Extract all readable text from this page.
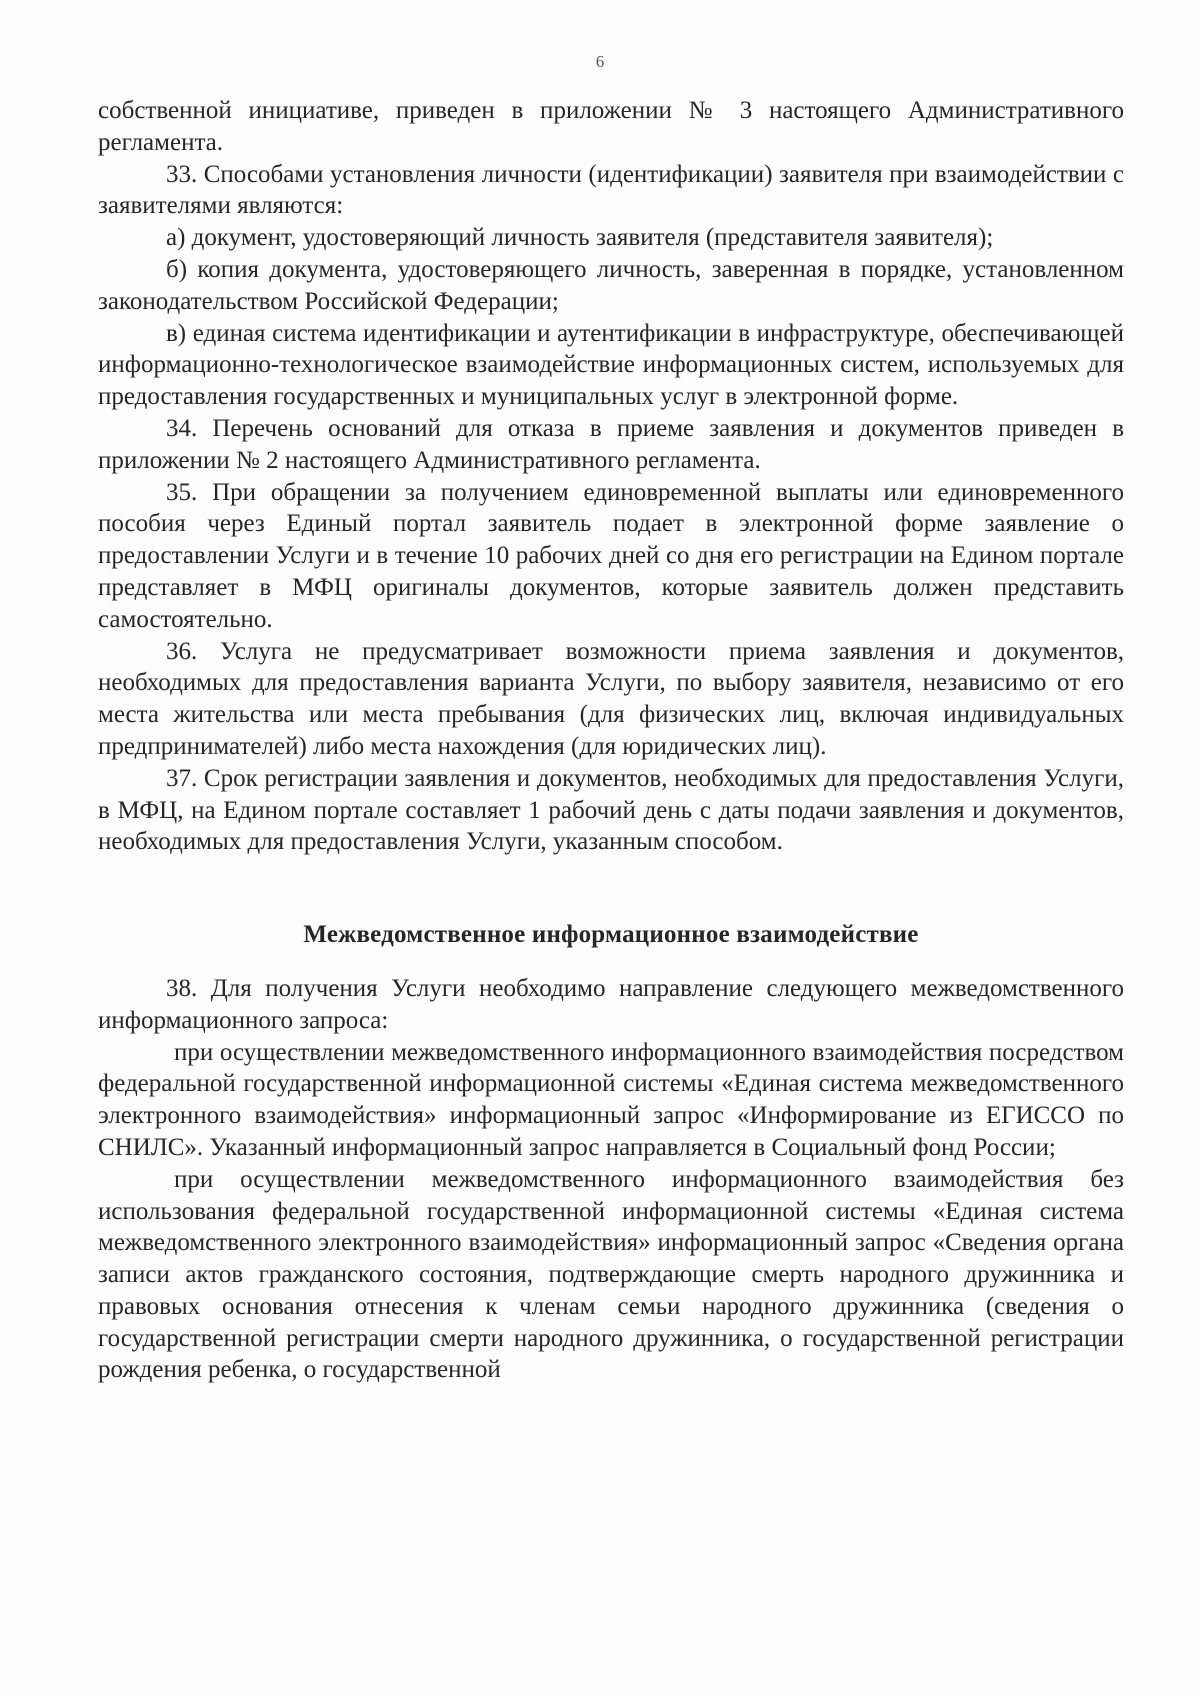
6

собственной инициативе, приведен в приложении № 3 настоящего Административного регламента.

33. Способами установления личности (идентификации) заявителя при взаимодействии с заявителями являются:

а) документ, удостоверяющий личность заявителя (представителя заявителя);

б) копия документа, удостоверяющего личность, заверенная в порядке, установленном законодательством Российской Федерации;

в) единая система идентификации и аутентификации в инфраструктуре, обеспечивающей информационно-технологическое взаимодействие информационных систем, используемых для предоставления государственных и муниципальных услуг в электронной форме.

34. Перечень оснований для отказа в приеме заявления и документов приведен в приложении № 2 настоящего Административного регламента.

35. При обращении за получением единовременной выплаты или единовременного пособия через Единый портал заявитель подает в электронной форме заявление о предоставлении Услуги и в течение 10 рабочих дней со дня его регистрации на Едином портале представляет в МФЦ оригиналы документов, которые заявитель должен представить самостоятельно.

36. Услуга не предусматривает возможности приема заявления и документов, необходимых для предоставления варианта Услуги, по выбору заявителя, независимо от его места жительства или места пребывания (для физических лиц, включая индивидуальных предпринимателей) либо места нахождения (для юридических лиц).

37. Срок регистрации заявления и документов, необходимых для предоставления Услуги, в МФЦ, на Едином портале составляет 1 рабочий день с даты подачи заявления и документов, необходимых для предоставления Услуги, указанным способом.

Межведомственное информационное взаимодействие

38. Для получения Услуги необходимо направление следующего межведомственного информационного запроса:

при осуществлении межведомственного информационного взаимодействия посредством федеральной государственной информационной системы «Единая система межведомственного электронного взаимодействия» информационный запрос «Информирование из ЕГИССО по СНИЛС». Указанный информационный запрос направляется в Социальный фонд России;

при осуществлении межведомственного информационного взаимодействия без использования федеральной государственной информационной системы «Единая система межведомственного электронного взаимодействия» информационный запрос «Сведения органа записи актов гражданского состояния, подтверждающие смерть народного дружинника и правовых основания отнесения к членам семьи народного дружинника (сведения о государственной регистрации смерти народного дружинника, о государственной регистрации рождения ребенка, о государственной
